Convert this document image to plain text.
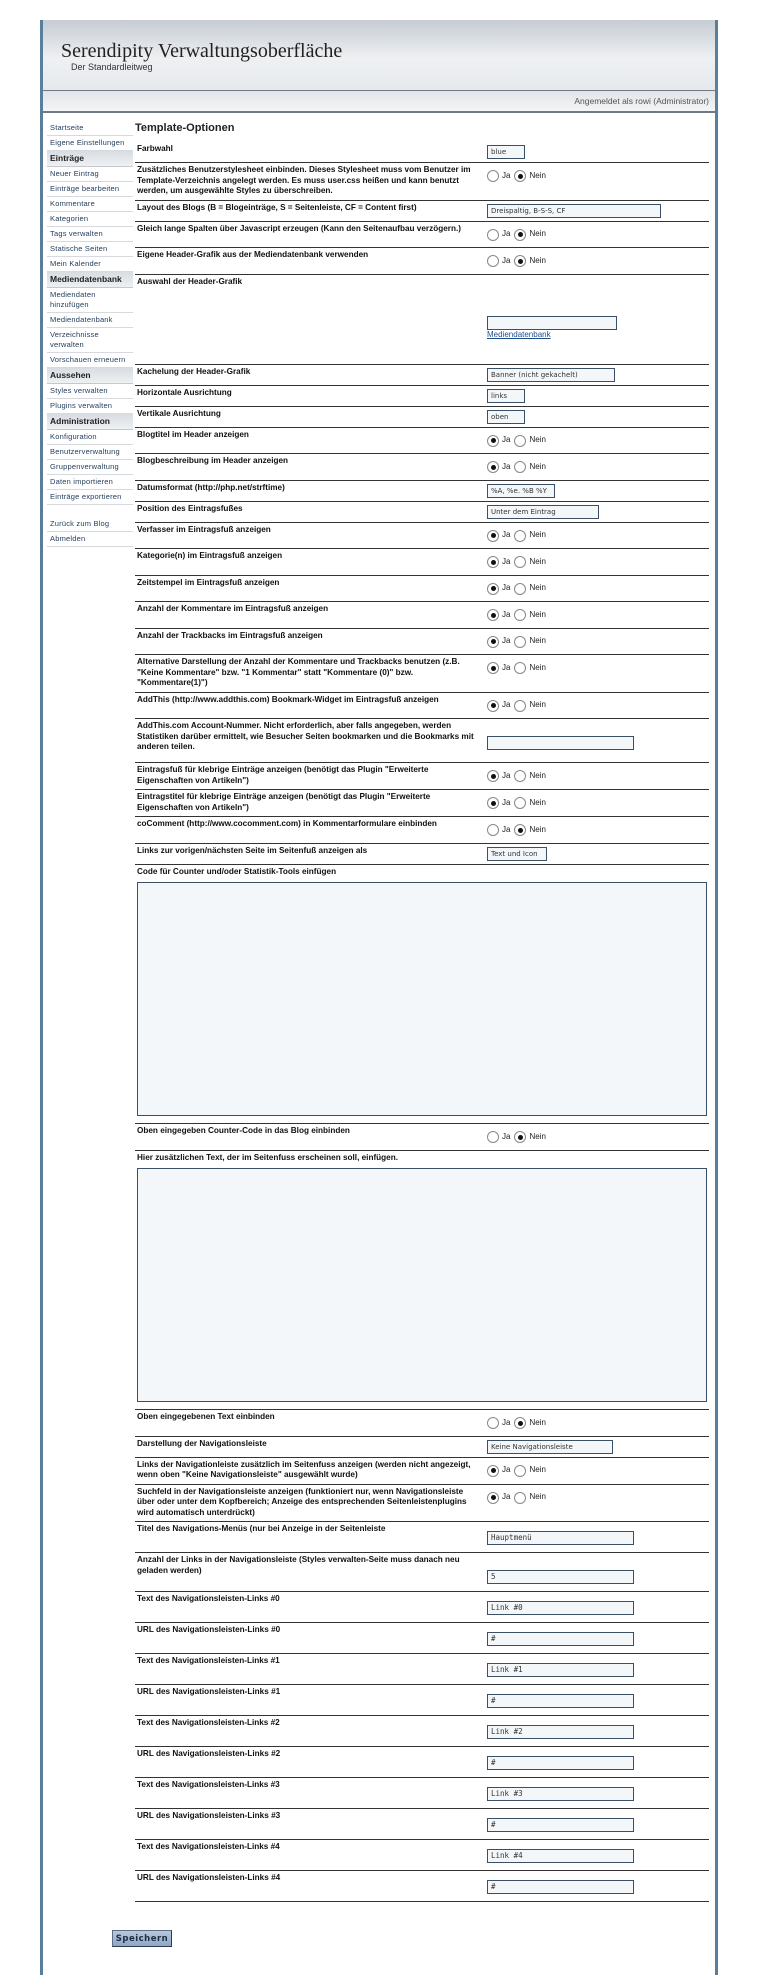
Serendipity Verwaltungsoberfläche
Der Standardleitweg
Angemeldet als rowi (Administrator)
Startseite
Eigene Einstellungen
Einträge
Neuer Eintrag
Einträge bearbeiten
Kommentare
Kategorien
Tags verwalten
Statische Seiten
Mein Kalender
Mediendatenbank
Mediendaten hinzufügen
Mediendatenbank
Verzeichnisse verwalten
Vorschauen erneuern
Aussehen
Styles verwalten
Plugins verwalten
Administration
Konfiguration
Benutzerverwaltung
Gruppenverwaltung
Daten importieren
Einträge exportieren
Zurück zum Blog
Abmelden
Template-Optionen
Farbwahl	blue
Zusätzliches Benutzerstylesheet einbinden. Dieses Stylesheet muss vom Benutzer im Template-Verzeichnis angelegt werden. Es muss user.css heißen und kann benutzt werden, um ausgewählte Styles zu überschreiben.	Ja Nein

Layout des Blogs (B = Blogeinträge, S = Seitenleiste, CF = Content first)	Dreispaltig, B-S-S, CF
Gleich lange Spalten über Javascript erzeugen (Kann den Seitenaufbau verzögern.)	Ja Nein

Eigene Header-Grafik aus der Mediendatenbank verwenden	Ja Nein

Auswahl der Header-Grafik	Mediendatenbank

Kachelung der Header-Grafik	Banner (nicht gekachelt)
Horizontale Ausrichtung	links
Vertikale Ausrichtung	oben
Blogtitel im Header anzeigen	Ja Nein

Blogbeschreibung im Header anzeigen	Ja Nein

Datumsformat (http://php.net/strftime)	%A, %e. %B %Y
Position des Eintragsfußes	Unter dem Eintrag
Verfasser im Eintragsfuß anzeigen	Ja Nein

Kategorie(n) im Eintragsfuß anzeigen	Ja Nein

Zeitstempel im Eintragsfuß anzeigen	Ja Nein

Anzahl der Kommentare im Eintragsfuß anzeigen	Ja Nein

Anzahl der Trackbacks im Eintragsfuß anzeigen	Ja Nein

Alternative Darstellung der Anzahl der Kommentare und Trackbacks benutzen (z.B. "Keine Kommentare" bzw. "1 Kommentar" statt "Kommentare (0)" bzw. "Kommentare(1)")	Ja Nein

AddThis (http://www.addthis.com) Bookmark-Widget im Eintragsfuß anzeigen	Ja Nein

AddThis.com Account-Nummer. Nicht erforderlich, aber falls angegeben, werden Statistiken darüber ermittelt, wie Besucher Seiten bookmarken und die Bookmarks mit anderen teilen.	
Eintragsfuß für klebrige Einträge anzeigen (benötigt das Plugin "Erweiterte Eigenschaften von Artikeln")	Ja Nein

Eintragstitel für klebrige Einträge anzeigen (benötigt das Plugin "Erweiterte Eigenschaften von Artikeln")	Ja Nein

coComment (http://www.cocomment.com) in Kommentarformulare einbinden	Ja Nein

Links zur vorigen/nächsten Seite im Seitenfuß anzeigen als	Text und Icon
Code für Counter und/oder Statistik-Tools einfügen	

Oben eingegeben Counter-Code in das Blog einbinden	Ja Nein

Hier zusätzlichen Text, der im Seitenfuss erscheinen soll, einfügen.	

Oben eingegebenen Text einbinden	Ja Nein

Darstellung der Navigationsleiste	Keine Navigationsleiste
Links der Navigationleiste zusätzlich im Seitenfuss anzeigen (werden nicht angezeigt, wenn oben "Keine Navigationsleiste" ausgewählt wurde)	Ja Nein

Suchfeld in der Navigationsleiste anzeigen (funktioniert nur, wenn Navigationsleiste über oder unter dem Kopfbereich; Anzeige des entsprechenden Seitenleistenplugins wird automatisch unterdrückt)	Ja Nein

Titel des Navigations-Menüs (nur bei Anzeige in der Seitenleiste	Hauptmenü
Anzahl der Links in der Navigationsleiste (Styles verwalten-Seite muss danach neu geladen werden)	5
Text des Navigationsleisten-Links #0	Link #0
URL des Navigationsleisten-Links #0	#
Text des Navigationsleisten-Links #1	Link #1
URL des Navigationsleisten-Links #1	#
Text des Navigationsleisten-Links #2	Link #2
URL des Navigationsleisten-Links #2	#
Text des Navigationsleisten-Links #3	Link #3
URL des Navigationsleisten-Links #3	#
Text des Navigationsleisten-Links #4	Link #4
URL des Navigationsleisten-Links #4	#
Speichern
